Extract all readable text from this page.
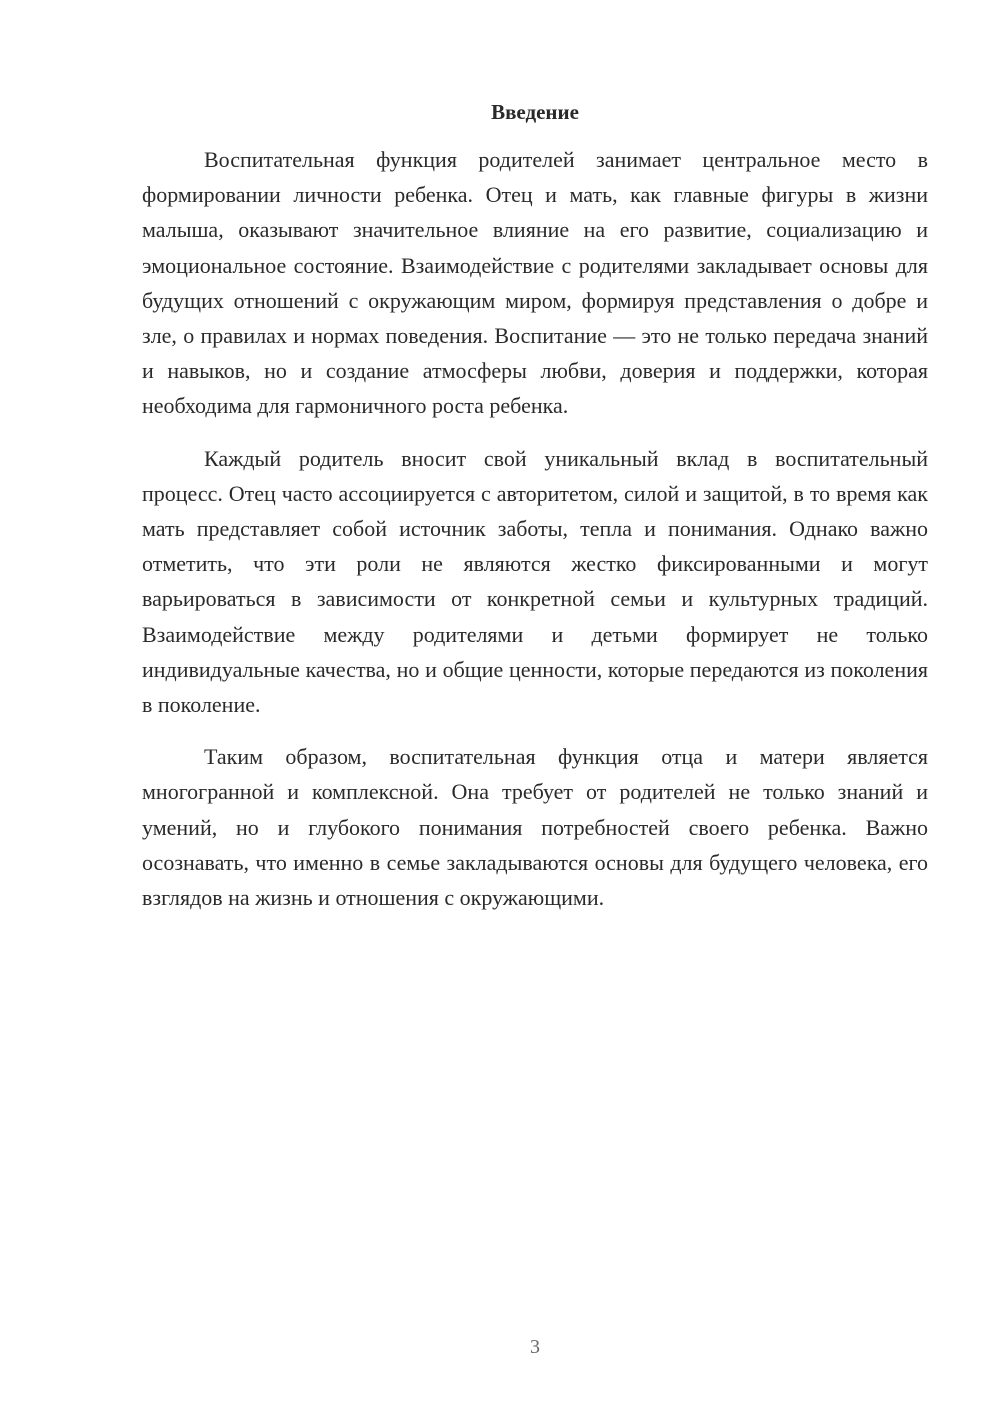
Введение

Воспитательная функция родителей занимает центральное место в формировании личности ребенка. Отец и мать, как главные фигуры в жизни малыша, оказывают значительное влияние на его развитие, социализацию и эмоциональное состояние. Взаимодействие с родителями закладывает основы для будущих отношений с окружающим миром, формируя представления о добре и зле, о правилах и нормах поведения. Воспитание — это не только передача знаний и навыков, но и создание атмосферы любви, доверия и поддержки, которая необходима для гармоничного роста ребенка.

Каждый родитель вносит свой уникальный вклад в воспитательный процесс. Отец часто ассоциируется с авторитетом, силой и защитой, в то время как мать представляет собой источник заботы, тепла и понимания. Однако важно отметить, что эти роли не являются жестко фиксированными и могут варьироваться в зависимости от конкретной семьи и культурных традиций. Взаимодействие между родителями и детьми формирует не только индивидуальные качества, но и общие ценности, которые передаются из поколения в поколение.

Таким образом, воспитательная функция отца и матери является многогранной и комплексной. Она требует от родителей не только знаний и умений, но и глубокого понимания потребностей своего ребенка. Важно осознавать, что именно в семье закладываются основы для будущего человека, его взглядов на жизнь и отношения с окружающими.

3
